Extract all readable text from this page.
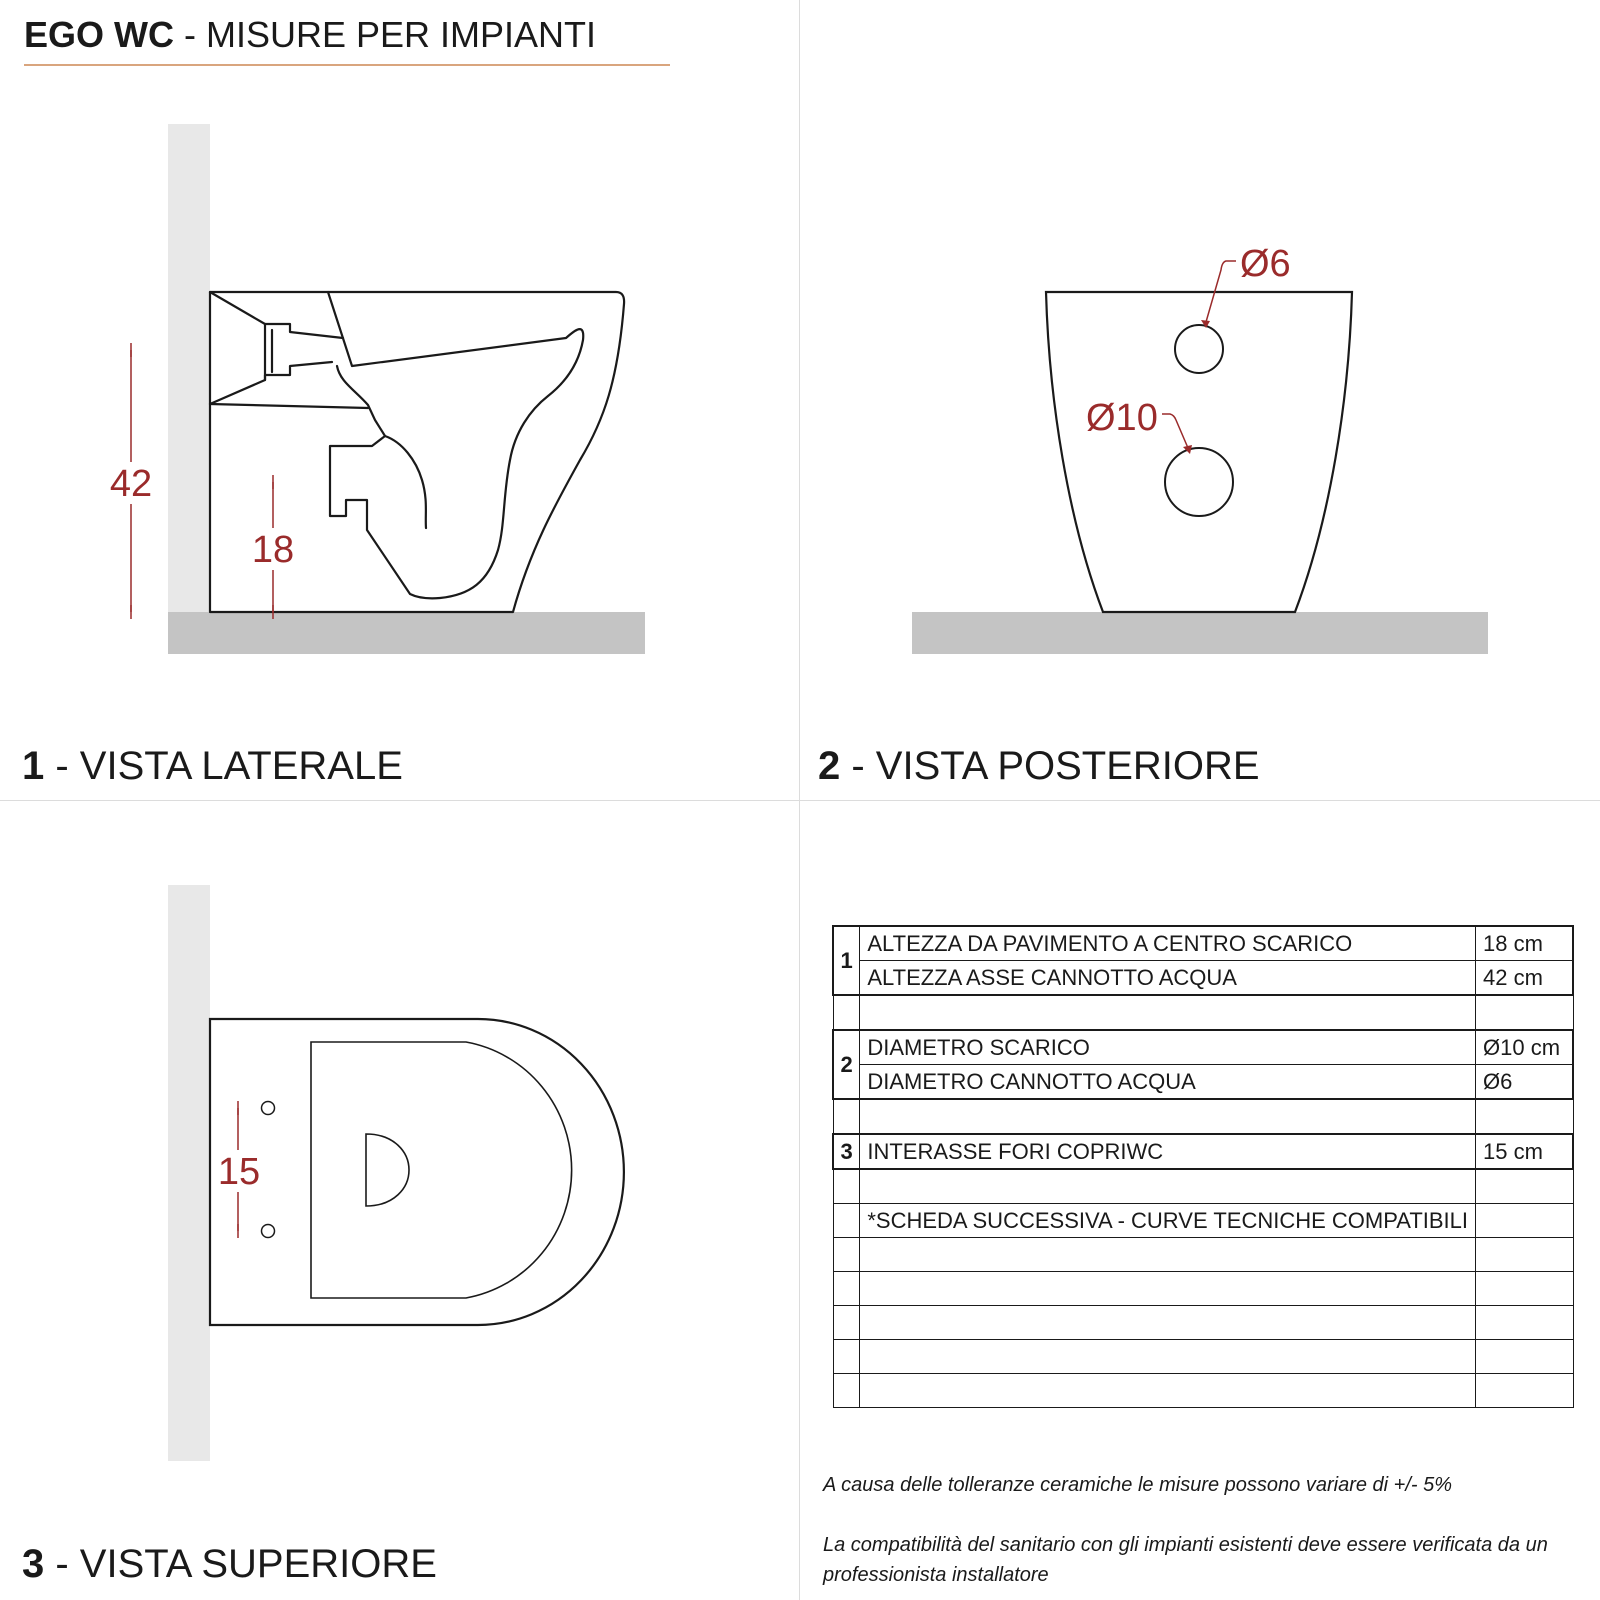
EGO WC - MISURE PER IMPIANTI
42
18
Ø6
Ø10
15
1 - VISTA LATERALE	2 - VISTA POSTERIORE
3 - VISTA SUPERIORE
1	ALTEZZA DA PAVIMENTO A CENTRO SCARICO	18 cm
	ALTEZZA ASSE CANNOTTO ACQUA	42 cm

2	DIAMETRO SCARICO	Ø10 cm
	DIAMETRO CANNOTTO ACQUA	Ø6

3	INTERASSE FORI COPRIWC	15 cm

	*SCHEDA SUCCESSIVA - CURVE TECNICHE COMPATIBILI	

A causa delle tolleranze ceramiche le misure possono variare di +/- 5%
La compatibilità del sanitario con gli impianti esistenti deve essere verificata da un professionista installatore
